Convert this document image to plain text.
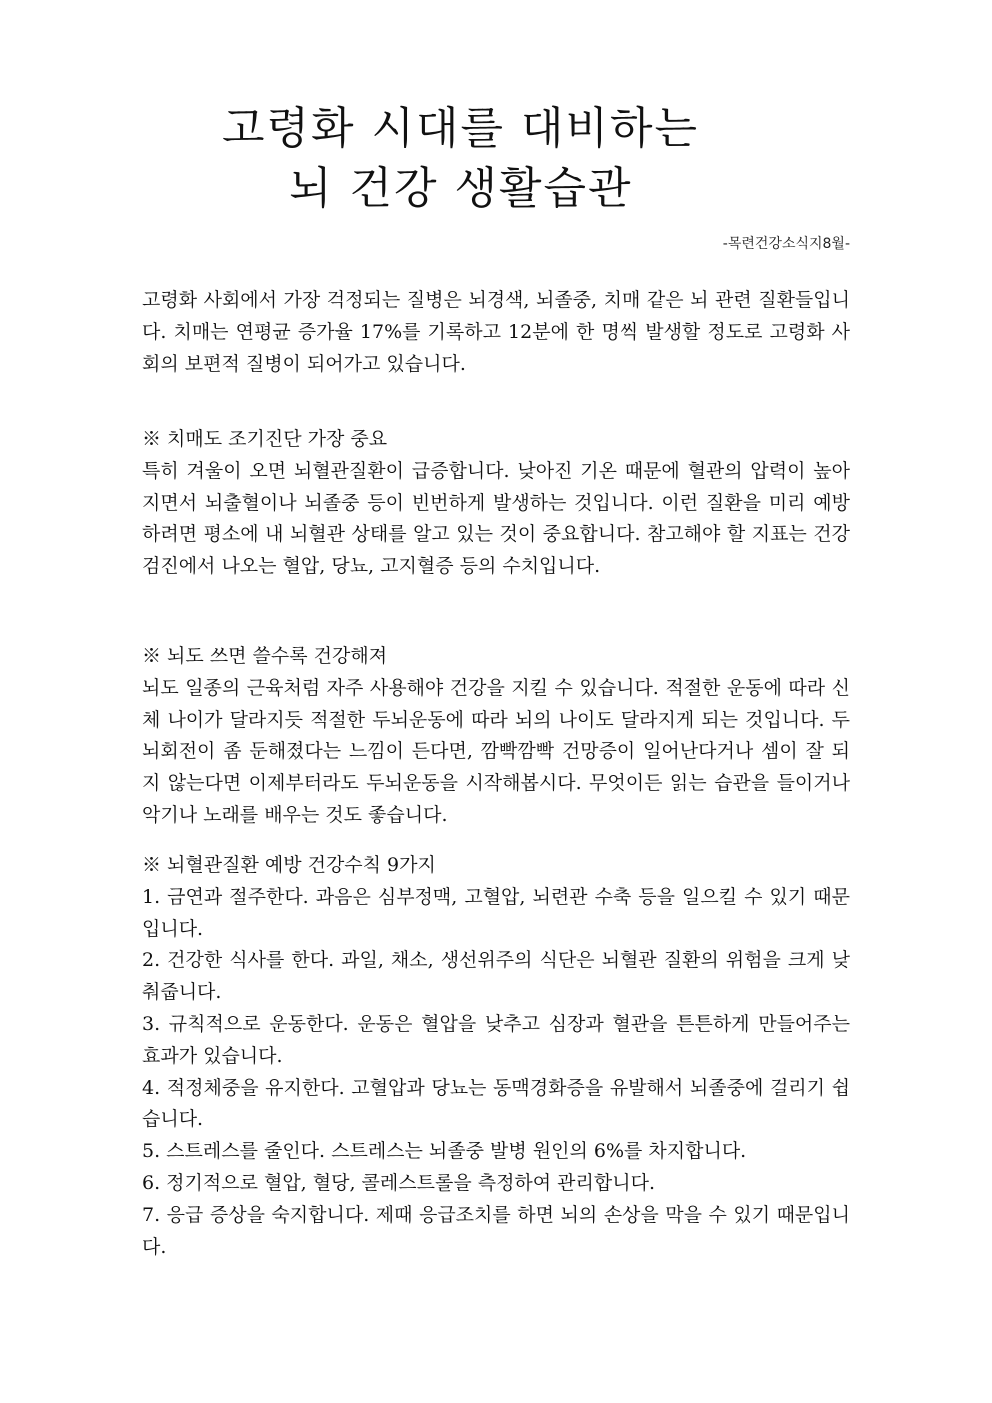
고령화 시대를 대비하는
뇌 건강 생활습관
-목련건강소식지8월-

고령화 사회에서 가장 걱정되는 질병은 뇌경색, 뇌졸중, 치매 같은 뇌 관련 질환들입니다. 치매는 연평균 증가율 17%를 기록하고 12분에 한 명씩 발생할 정도로 고령화 사회의 보편적 질병이 되어가고 있습니다.

※ 치매도 조기진단 가장 중요

특히 겨울이 오면 뇌혈관질환이 급증합니다. 낮아진 기온 때문에 혈관의 압력이 높아지면서 뇌출혈이나 뇌졸중 등이 빈번하게 발생하는 것입니다. 이런 질환을 미리 예방하려면 평소에 내 뇌혈관 상태를 알고 있는 것이 중요합니다. 참고해야 할 지표는 건강검진에서 나오는 혈압, 당뇨, 고지혈증 등의 수치입니다.

※ 뇌도 쓰면 쓸수록 건강해져

뇌도 일종의 근육처럼 자주 사용해야 건강을 지킬 수 있습니다. 적절한 운동에 따라 신체 나이가 달라지듯 적절한 두뇌운동에 따라 뇌의 나이도 달라지게 되는 것입니다. 두뇌회전이 좀 둔해졌다는 느낌이 든다면, 깜빡깜빡 건망증이 일어난다거나 셈이 잘 되지 않는다면 이제부터라도 두뇌운동을 시작해봅시다. 무엇이든 읽는 습관을 들이거나 악기나 노래를 배우는 것도 좋습니다.

※ 뇌혈관질환 예방 건강수칙 9가지

1. 금연과 절주한다. 과음은 심부정맥, 고혈압, 뇌련관 수축 등을 일으킬 수 있기 때문입니다.

2. 건강한 식사를 한다. 과일, 채소, 생선위주의 식단은 뇌혈관 질환의 위험을 크게 낮춰줍니다.

3. 규칙적으로 운동한다. 운동은 혈압을 낮추고 심장과 혈관을 튼튼하게 만들어주는 효과가 있습니다.

4. 적정체중을 유지한다. 고혈압과 당뇨는 동맥경화증을 유발해서 뇌졸중에 걸리기 쉽습니다.

5. 스트레스를 줄인다. 스트레스는 뇌졸중 발병 원인의 6%를 차지합니다.

6. 정기적으로 혈압, 혈당, 콜레스트롤을 측정하여 관리합니다.

7. 응급 증상을 숙지합니다. 제때 응급조치를 하면 뇌의 손상을 막을 수 있기 때문입니다.
